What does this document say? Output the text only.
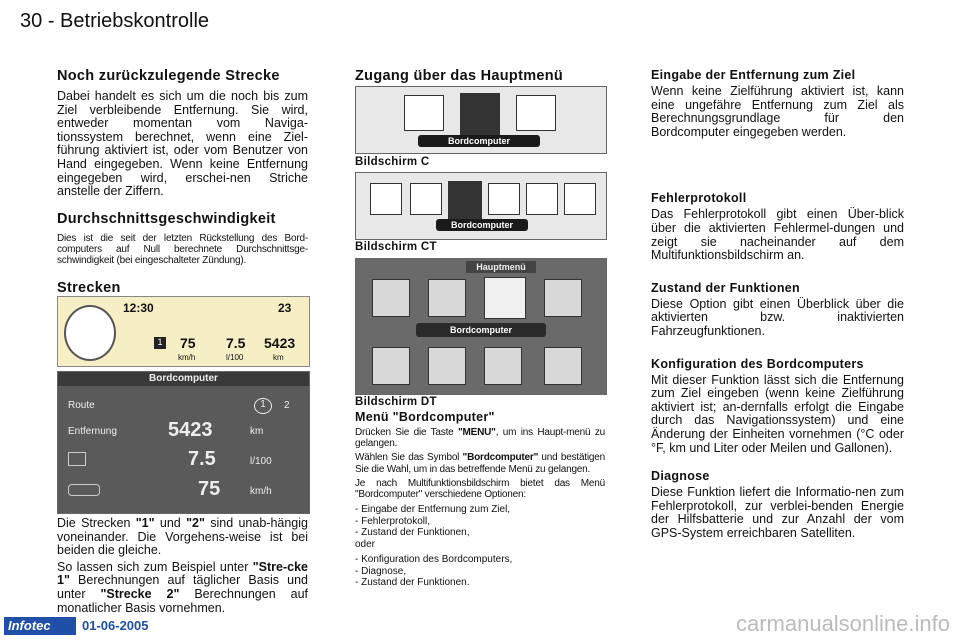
30 - Betriebskontrolle
Noch zurückzulegende Strecke

Dabei handelt es sich um die noch bis zum Ziel verbleibende Entfernung. Sie wird, entweder momentan vom Naviga-tionssystem berechnet, wenn eine Ziel-führung aktiviert ist, oder vom Benutzer von Hand eingegeben. Wenn keine Entfernung eingegeben wird, erschei-nen Striche anstelle der Ziffern.

Durchschnittsgeschwindigkeit

Dies ist die seit der letzten Rückstellung des Bord-computers auf Null berechnete Durchschnittsge-schwindigkeit (bei eingeschalteter Zündung).

Strecken
12:30	23
1 75 7.5 5423
km/h	l/100	km
Bordcomputer
Route	1	2
Entfernung	5423	km
7.5	l/100
75	km/h

Die Strecken "1" und "2" sind unab-hängig voneinander. Die Vorgehens-weise ist bei beiden die gleiche.

So lassen sich zum Beispiel unter "Stre-cke 1" Berechnungen auf täglicher Basis und unter "Strecke 2" Berechnungen auf monatlicher Basis vornehmen.

Zugang über das Hauptmenü
Bordcomputer
Bildschirm C
Bordcomputer
Bildschirm CT
Hauptmenü
Bordcomputer
Bildschirm DT
Menü "Bordcomputer"

Drücken Sie die Taste "MENU", um ins Haupt-menü zu gelangen.

Wählen Sie das Symbol "Bordcomputer" und bestätigen Sie die Wahl, um in das betreffende Menü zu gelangen.

Je nach Multifunktionsbildschirm bietet das Menü "Bordcomputer" verschiedene Optionen:

- Eingabe der Entfernung zum Ziel,
- Fehlerprotokoll,
- Zustand der Funktionen,
oder
- Konfiguration des Bordcomputers,
- Diagnose,
- Zustand der Funktionen.
Eingabe der Entfernung zum Ziel

Wenn keine Zielführung aktiviert ist, kann eine ungefähre Entfernung zum Ziel als Berechnungsgrundlage für den Bordcomputer eingegeben werden.

Fehlerprotokoll

Das Fehlerprotokoll gibt einen Über-blick über die aktivierten Fehlermel-dungen und zeigt sie nacheinander auf dem Multifunktionsbildschirm an.

Zustand der Funktionen

Diese Option gibt einen Überblick über die aktivierten bzw. inaktivierten Fahrzeugfunktionen.

Konfiguration des Bordcomputers

Mit dieser Funktion lässt sich die Entfernung zum Ziel eingeben (wenn keine Zielführung aktiviert ist; an-dernfalls erfolgt die Eingabe durch das Navigationssystem) und eine Änderung der Einheiten vornehmen (°C oder °F, km und Liter oder Meilen und Gallonen).

Diagnose

Diese Funktion liefert die Informatio-nen zum Fehlerprotokoll, zur verblei-benden Energie der Hilfsbatterie und zur Anzahl der vom GPS-System erreichbaren Satelliten.

Infotec	01-06-2005	carmanualsonline.info
